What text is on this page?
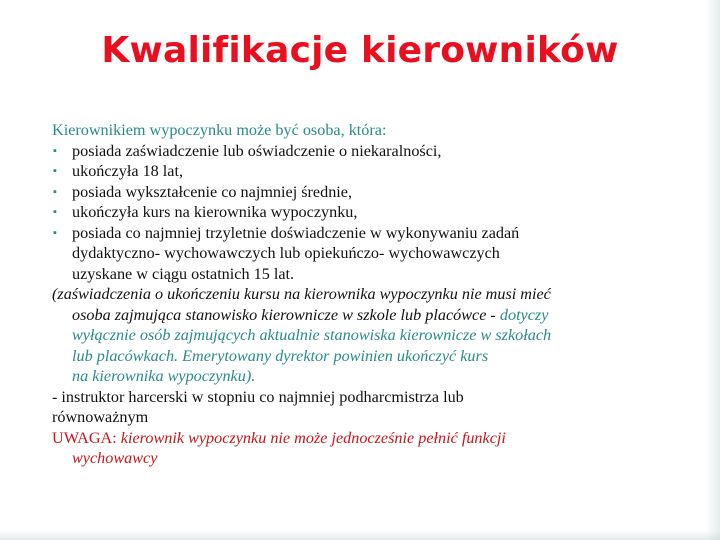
Kwalifikacje kierowników
Kierownikiem wypoczynku może być osoba, która:
▪ posiada zaświadczenie lub oświadczenie o niekaralności,
▪ ukończyła 18 lat,
▪ posiada wykształcenie co najmniej średnie,
▪ ukończyła kurs na kierownika wypoczynku,
▪ posiada co najmniej trzyletnie doświadczenie w wykonywaniu zadań
dydaktyczno- wychowawczych lub opiekuńczo- wychowawczych
uzyskane w ciągu ostatnich 15 lat.
(zaświadczenia o ukończeniu kursu na kierownika wypoczynku nie musi mieć
osoba zajmująca stanowisko kierownicze w szkole lub placówce - dotyczy
wyłącznie osób zajmujących aktualnie stanowiska kierownicze w szkołach
lub placówkach. Emerytowany dyrektor powinien ukończyć kurs
na kierownika wypoczynku).
- instruktor harcerski w stopniu co najmniej podharcmistrza lub
równoważnym
UWAGA: kierownik wypoczynku nie może jednocześnie pełnić funkcji
wychowawcy
